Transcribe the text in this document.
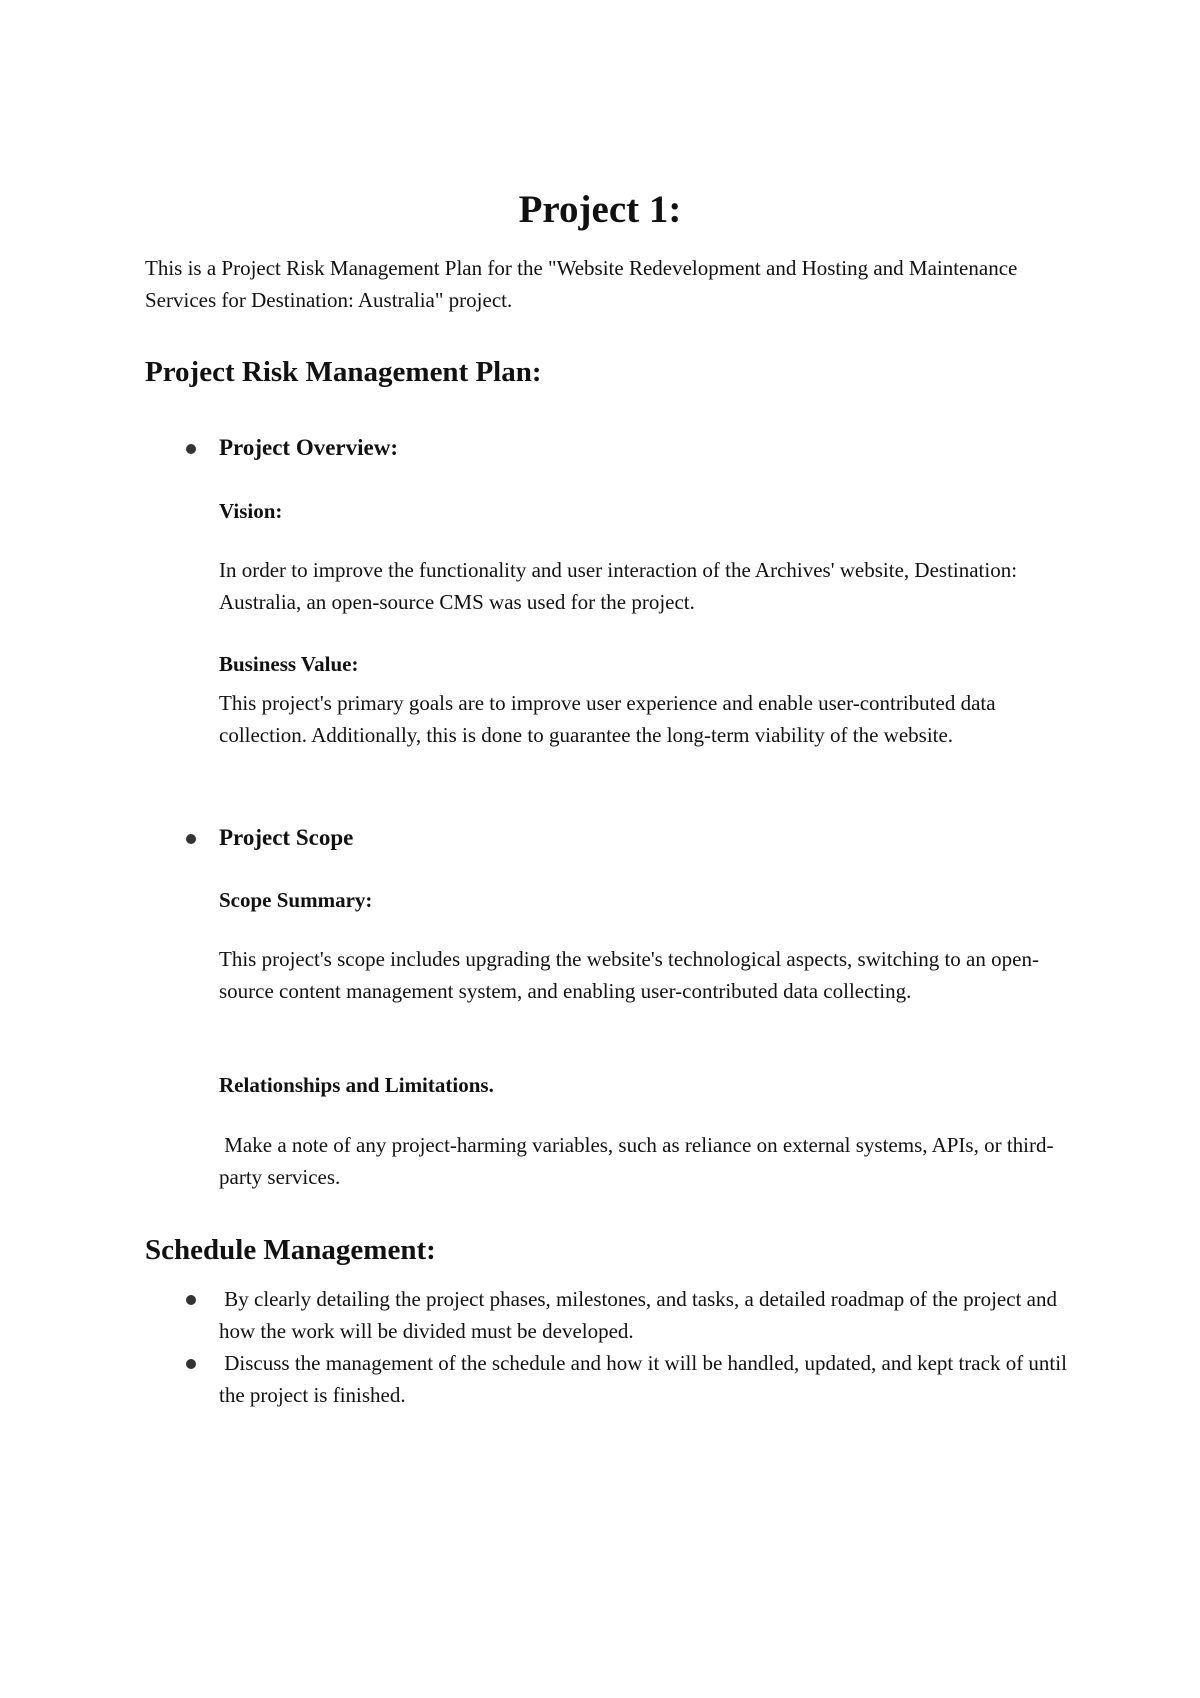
Project 1:

This is a Project Risk Management Plan for the "Website Redevelopment and Hosting and Maintenance Services for Destination: Australia" project.

Project Risk Management Plan:
Project Overview:

Vision:

In order to improve the functionality and user interaction of the Archives' website, Destination: Australia, an open-source CMS was used for the project.

Business Value:

This project's primary goals are to improve user experience and enable user-contributed data collection. Additionally, this is done to guarantee the long-term viability of the website.

Project Scope

Scope Summary:

This project's scope includes upgrading the website's technological aspects, switching to an open-source content management system, and enabling user-contributed data collecting.

Relationships and Limitations.

Make a note of any project-harming variables, such as reliance on external systems, APIs, or third-party services.

Schedule Management:

By clearly detailing the project phases, milestones, and tasks, a detailed roadmap of the project and how the work will be divided must be developed.

Discuss the management of the schedule and how it will be handled, updated, and kept track of until the project is finished.
